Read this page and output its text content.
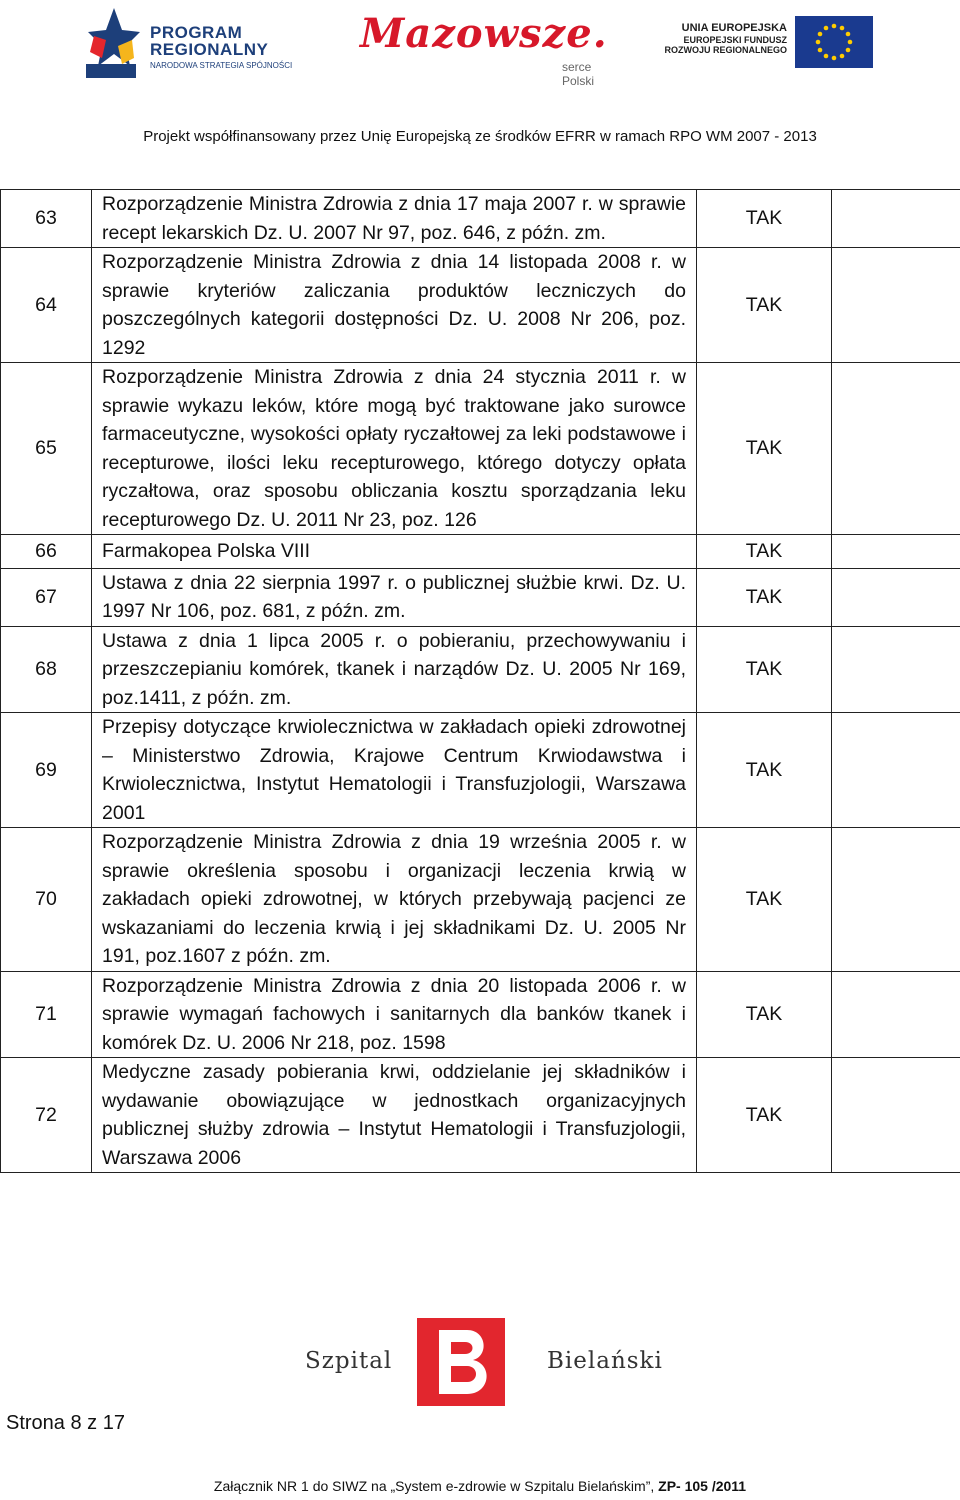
PROGRAM
REGIONALNY
NARODOWA STRATEGIA SPÓJNOŚCI
Mazowsze.
serce Polski
UNIA EUROPEJSKA
EUROPEJSKI FUNDUSZ
ROZWOJU REGIONALNEGO
Projekt współfinansowany przez Unię Europejską ze środków EFRR w ramach RPO WM 2007 - 2013
63	Rozporządzenie Ministra Zdrowia z dnia 17 maja 2007 r. w sprawie recept lekarskich Dz. U. 2007 Nr 97, poz. 646, z późn. zm.	TAK	
64	Rozporządzenie Ministra Zdrowia z dnia 14 listopada 2008 r. w sprawie kryteriów zaliczania produktów leczniczych do poszczególnych kategorii dostępności Dz. U. 2008 Nr 206, poz. 1292	TAK	
65	Rozporządzenie Ministra Zdrowia z dnia 24 stycznia 2011 r. w sprawie wykazu leków, które mogą być traktowane jako surowce farmaceutyczne, wysokości opłaty ryczałtowej za leki podstawowe i recepturowe, ilości leku recepturowego, którego dotyczy opłata ryczałtowa, oraz sposobu obliczania kosztu sporządzania leku recepturowego Dz. U. 2011 Nr 23, poz. 126	TAK	
66	Farmakopea Polska VIII	TAK	
67	Ustawa z dnia 22 sierpnia 1997 r. o publicznej służbie krwi. Dz. U. 1997 Nr 106, poz. 681, z późn. zm.	TAK	
68	Ustawa z dnia 1 lipca 2005 r. o pobieraniu, przechowywaniu i przeszczepianiu komórek, tkanek i narządów Dz. U. 2005 Nr 169, poz.1411, z późn. zm.	TAK	
69	Przepisy dotyczące krwiolecznictwa w zakładach opieki zdrowotnej – Ministerstwo Zdrowia, Krajowe Centrum Krwiodawstwa i Krwiolecznictwa, Instytut Hematologii i Transfuzjologii, Warszawa 2001	TAK	
70	Rozporządzenie Ministra Zdrowia z dnia 19 września 2005 r. w sprawie określenia sposobu i organizacji leczenia krwią w zakładach opieki zdrowotnej, w których przebywają pacjenci ze wskazaniami do leczenia krwią i jej składnikami Dz. U. 2005 Nr 191, poz.1607 z późn. zm.	TAK	
71	Rozporządzenie Ministra Zdrowia z dnia 20 listopada 2006 r. w sprawie wymagań fachowych i sanitarnych dla banków tkanek i komórek Dz. U. 2006 Nr 218, poz. 1598	TAK	
72	Medyczne zasady pobierania krwi, oddzielanie jej składników i wydawanie obowiązujące w jednostkach organizacyjnych publicznej służby zdrowia – Instytut Hematologii i Transfuzjologii, Warszawa 2006	TAK	
Szpital	Bielański
Strona 8 z 17
Załącznik NR 1 do SIWZ na „System e-zdrowie w Szpitalu Bielańskim”, ZP- 105 /2011
